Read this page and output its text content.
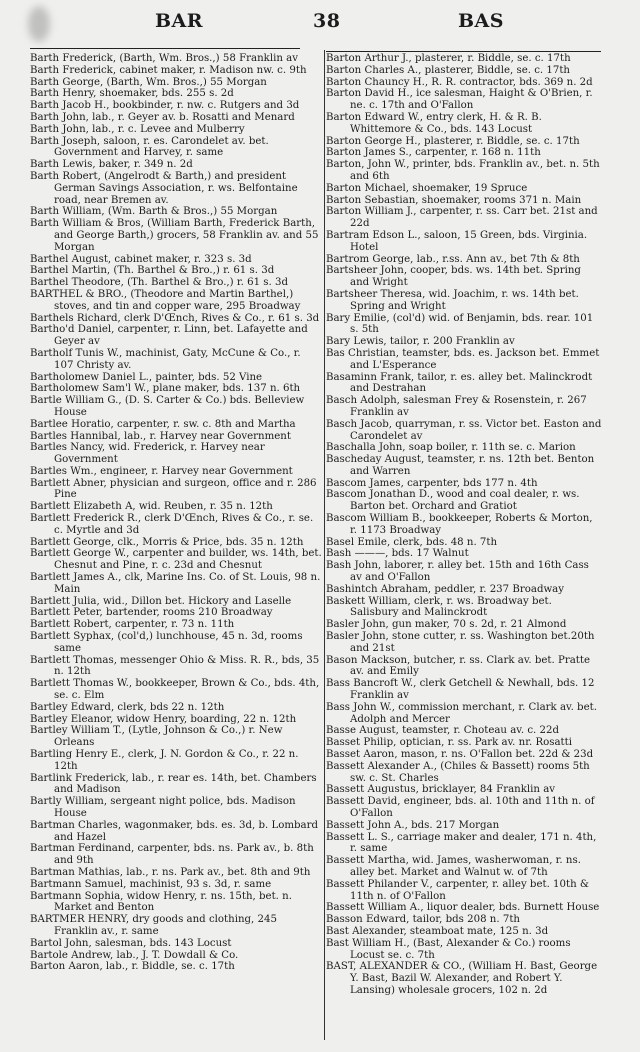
BAR	38	BAS
Barth Frederick, (Barth, Wm. Bros.,) 58 Franklin av
Barth Frederick, cabinet maker, r. Madison nw. c. 9th
Barth George, (Barth, Wm. Bros.,) 55 Morgan
Barth Henry, shoemaker, bds. 255 s. 2d
Barth Jacob H., bookbinder, r. nw. c. Rutgers and 3d
Barth John, lab., r. Geyer av. b. Rosatti and Menard
Barth John, lab., r. c. Levee and Mulberry
Barth Joseph, saloon, r. es. Carondelet av. bet. Government and Harvey, r. same
Barth Lewis, baker, r. 349 n. 2d
Barth Robert, (Angelrodt & Barth,) and president German Savings Association, r. ws. Belfontaine road, near Bremen av.
Barth William, (Wm. Barth & Bros.,) 55 Morgan
Barth William & Bros, (William Barth, Frederick Barth, and George Barth,) grocers, 58 Franklin av. and 55 Morgan
Barthel August, cabinet maker, r. 323 s. 3d
Barthel Martin, (Th. Barthel & Bro.,) r. 61 s. 3d
Barthel Theodore, (Th. Barthel & Bro.,) r. 61 s. 3d
BARTHEL & BRO., (Theodore and Martin Barthel,) stoves, and tin and copper ware, 295 Broadway
Barthels Richard, clerk D'Œnch, Rives & Co., r. 61 s. 3d
Bartho'd Daniel, carpenter, r. Linn, bet. Lafayette and Geyer av
Bartholf Tunis W., machinist, Gaty, McCune & Co., r. 107 Christy av.
Bartholomew Daniel L., painter, bds. 52 Vine
Bartholomew Sam'l W., plane maker, bds. 137 n. 6th
Bartle William G., (D. S. Carter & Co.) bds. Belleview House
Bartlee Horatio, carpenter, r. sw. c. 8th and Martha
Bartles Hannibal, lab., r. Harvey near Government
Bartles Nancy, wid. Frederick, r. Harvey near Government
Bartles Wm., engineer, r. Harvey near Government
Bartlett Abner, physician and surgeon, office and r. 286 Pine
Bartlett Elizabeth A, wid. Reuben, r. 35 n. 12th
Bartlett Frederick R., clerk D'Œnch, Rives & Co., r. se. c. Myrtle and 3d
Bartlett George, clk., Morris & Price, bds. 35 n. 12th
Bartlett George W., carpenter and builder, ws. 14th, bet. Chesnut and Pine, r. c. 23d and Chesnut
Bartlett James A., clk, Marine Ins. Co. of St. Louis, 98 n. Main
Bartlett Julia, wid., Dillon bet. Hickory and Laselle
Bartlett Peter, bartender, rooms 210 Broadway
Bartlett Robert, carpenter, r. 73 n. 11th
Bartlett Syphax, (col'd,) lunchhouse, 45 n. 3d, rooms same
Bartlett Thomas, messenger Ohio & Miss. R. R., bds, 35 n. 12th
Bartlett Thomas W., bookkeeper, Brown & Co., bds. 4th, se. c. Elm
Bartley Edward, clerk, bds 22 n. 12th
Bartley Eleanor, widow Henry, boarding, 22 n. 12th
Bartley William T., (Lytle, Johnson & Co.,) r. New Orleans
Bartling Henry E., clerk, J. N. Gordon & Co., r. 22 n. 12th
Bartlink Frederick, lab., r. rear es. 14th, bet. Chambers and Madison
Bartly William, sergeant night police, bds. Madison House
Bartman Charles, wagonmaker, bds. es. 3d, b. Lombard and Hazel
Bartman Ferdinand, carpenter, bds. ns. Park av., b. 8th and 9th
Bartman Mathias, lab., r. ns. Park av., bet. 8th and 9th
Bartmann Samuel, machinist, 93 s. 3d, r. same
Bartmann Sophia, widow Henry, r. ns. 15th, bet. n. Market and Benton
BARTMER HENRY, dry goods and clothing, 245 Franklin av., r. same
Bartol John, salesman, bds. 143 Locust
Bartole Andrew, lab., J. T. Dowdall & Co.
Barton Aaron, lab., r. Biddle, se. c. 17th
Barton Arthur J., plasterer, r. Biddle, se. c. 17th
Barton Charles A., plasterer, Biddle, se. c. 17th
Barton Chauncy H., R. R. contractor, bds. 369 n. 2d
Barton David H., ice salesman, Haight & O'Brien, r. ne. c. 17th and O'Fallon
Barton Edward W., entry clerk, H. & R. B. Whittemore & Co., bds. 143 Locust
Barton George H., plasterer, r. Biddle, se. c. 17th
Barton James S., carpenter, r. 168 n. 11th
Barton, John W., printer, bds. Franklin av., bet. n. 5th and 6th
Barton Michael, shoemaker, 19 Spruce
Barton Sebastian, shoemaker, rooms 371 n. Main
Barton William J., carpenter, r. ss. Carr bet. 21st and 22d
Bartram Edson L., saloon, 15 Green, bds. Virginia. Hotel
Bartrom George, lab., r.ss. Ann av., bet 7th & 8th
Bartsheer John, cooper, bds. ws. 14th bet. Spring and Wright
Bartsheer Theresa, wid. Joachim, r. ws. 14th bet. Spring and Wright
Bary Emilie, (col'd) wid. of Benjamin, bds. rear. 101 s. 5th
Bary Lewis, tailor, r. 200 Franklin av
Bas Christian, teamster, bds. es. Jackson bet. Emmet and L'Esperance
Basaminn Frank, tailor, r. es. alley bet. Malinckrodt and Destrahan
Basch Adolph, salesman Frey & Rosenstein, r. 267 Franklin av
Basch Jacob, quarryman, r. ss. Victor bet. Easton and Carondelet av
Baschalla John, soap boiler, r. 11th se. c. Marion
Bascheday August, teamster, r. ns. 12th bet. Benton and Warren
Bascom James, carpenter, bds 177 n. 4th
Bascom Jonathan D., wood and coal dealer, r. ws. Barton bet. Orchard and Gratiot
Bascom William B., bookkeeper, Roberts & Morton, r. 1173 Broadway
Basel Emile, clerk, bds. 48 n. 7th
Bash ———, bds. 17 Walnut
Bash John, laborer, r. alley bet. 15th and 16th Cass av and O'Fallon
Bashintch Abraham, peddler, r. 237 Broadway
Baskett William, clerk, r. ws. Broadway bet. Salisbury and Malinckrodt
Basler John, gun maker, 70 s. 2d, r. 21 Almond
Basler John, stone cutter, r. ss. Washington bet.20th and 21st
Bason Mackson, butcher, r. ss. Clark av. bet. Pratte av. and Emily
Bass Bancroft W., clerk Getchell & Newhall, bds. 12 Franklin av
Bass John W., commission merchant, r. Clark av. bet. Adolph and Mercer
Basse August, teamster, r. Choteau av. c. 22d
Basset Philip, optician, r. ss. Park av. nr. Rosatti
Basset Aaron, mason, r. ns. O'Fallon bet. 22d & 23d
Bassett Alexander A., (Chiles & Bassett) rooms 5th sw. c. St. Charles
Bassett Augustus, bricklayer, 84 Franklin av
Bassett David, engineer, bds. al. 10th and 11th n. of O'Fallon
Bassett John A., bds. 217 Morgan
Bassett L. S., carriage maker and dealer, 171 n. 4th, r. same
Bassett Martha, wid. James, washerwoman, r. ns. alley bet. Market and Walnut w. of 7th
Bassett Philander V., carpenter, r. alley bet. 10th & 11th n. of O'Fallon
Bassett William A., liquor dealer, bds. Burnett House
Basson Edward, tailor, bds 208 n. 7th
Bast Alexander, steamboat mate, 125 n. 3d
Bast William H., (Bast, Alexander & Co.) rooms Locust se. c. 7th
BAST, ALEXANDER & CO., (William H. Bast, George Y. Bast, Bazil W. Alexander, and Robert Y. Lansing) wholesale grocers, 102 n. 2d
